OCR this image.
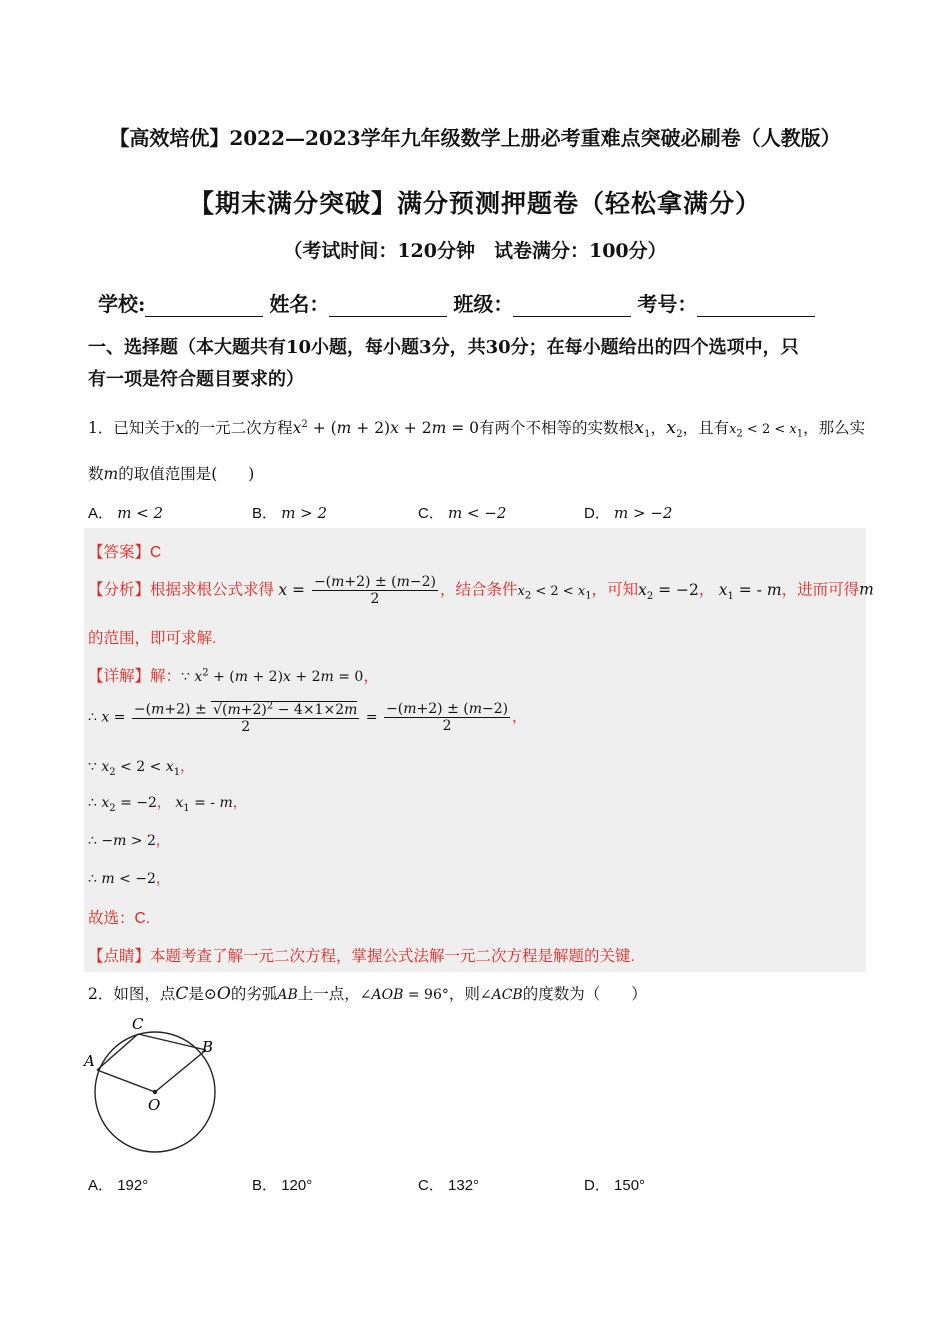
【高效培优】2022—2023学年九年级数学上册必考重难点突破必刷卷（人教版）
【期末满分突破】满分预测押题卷（轻松拿满分）
（考试时间：120分钟　试卷满分：100分）
学校:	姓名：	班级：	考号：
一、选择题（本大题共有10小题，每小题3分，共30分；在每小题给出的四个选项中，只
有一项是符合题目要求的）
1．已知关于x的一元二次方程$x^2 + (m + 2)x + 2m = 0$有两个不相等的实数根$x_1$，$x_2$，且有$x_2 < 2 < x_1$，那么实
数m的取值范围是(　　)
A． m < 2	B． m > 2	C． m < −2	D． m > −2
【答案】C
【分析】根据求根公式求得 $x = \frac{-(m+2) \pm (m-2)}{2}$ ，结合条件$x_2 < 2 < x_1$，可知$x_2 = -2$， $x_1$ = - m，进而可得m
的范围，即可求解.
【详解】解：∵ $x^2 + (m + 2)x + 2m = 0$，
∴ $x = \frac{-(m+2) \pm √(m+2)^2 - 4\times 1\times 2m}{2} = \frac{-(m+2) \pm (m-2)}{2}$ ，
∵ $x_2 < 2 < x_1$，
∴ $x_2 = -2$， $x_1$ = - m，
∴ −m > 2，
∴ m < −2，
故选：C.
【点睛】本题考查了解一元二次方程，掌握公式法解一元二次方程是解题的关键.
2．如图，点C是⊙O的劣弧AB上一点，∠AOB = 96°，则∠ACB的度数为（　　）
C
B
A
O
A． 192°	B． 120°	C． 132°	D． 150°
